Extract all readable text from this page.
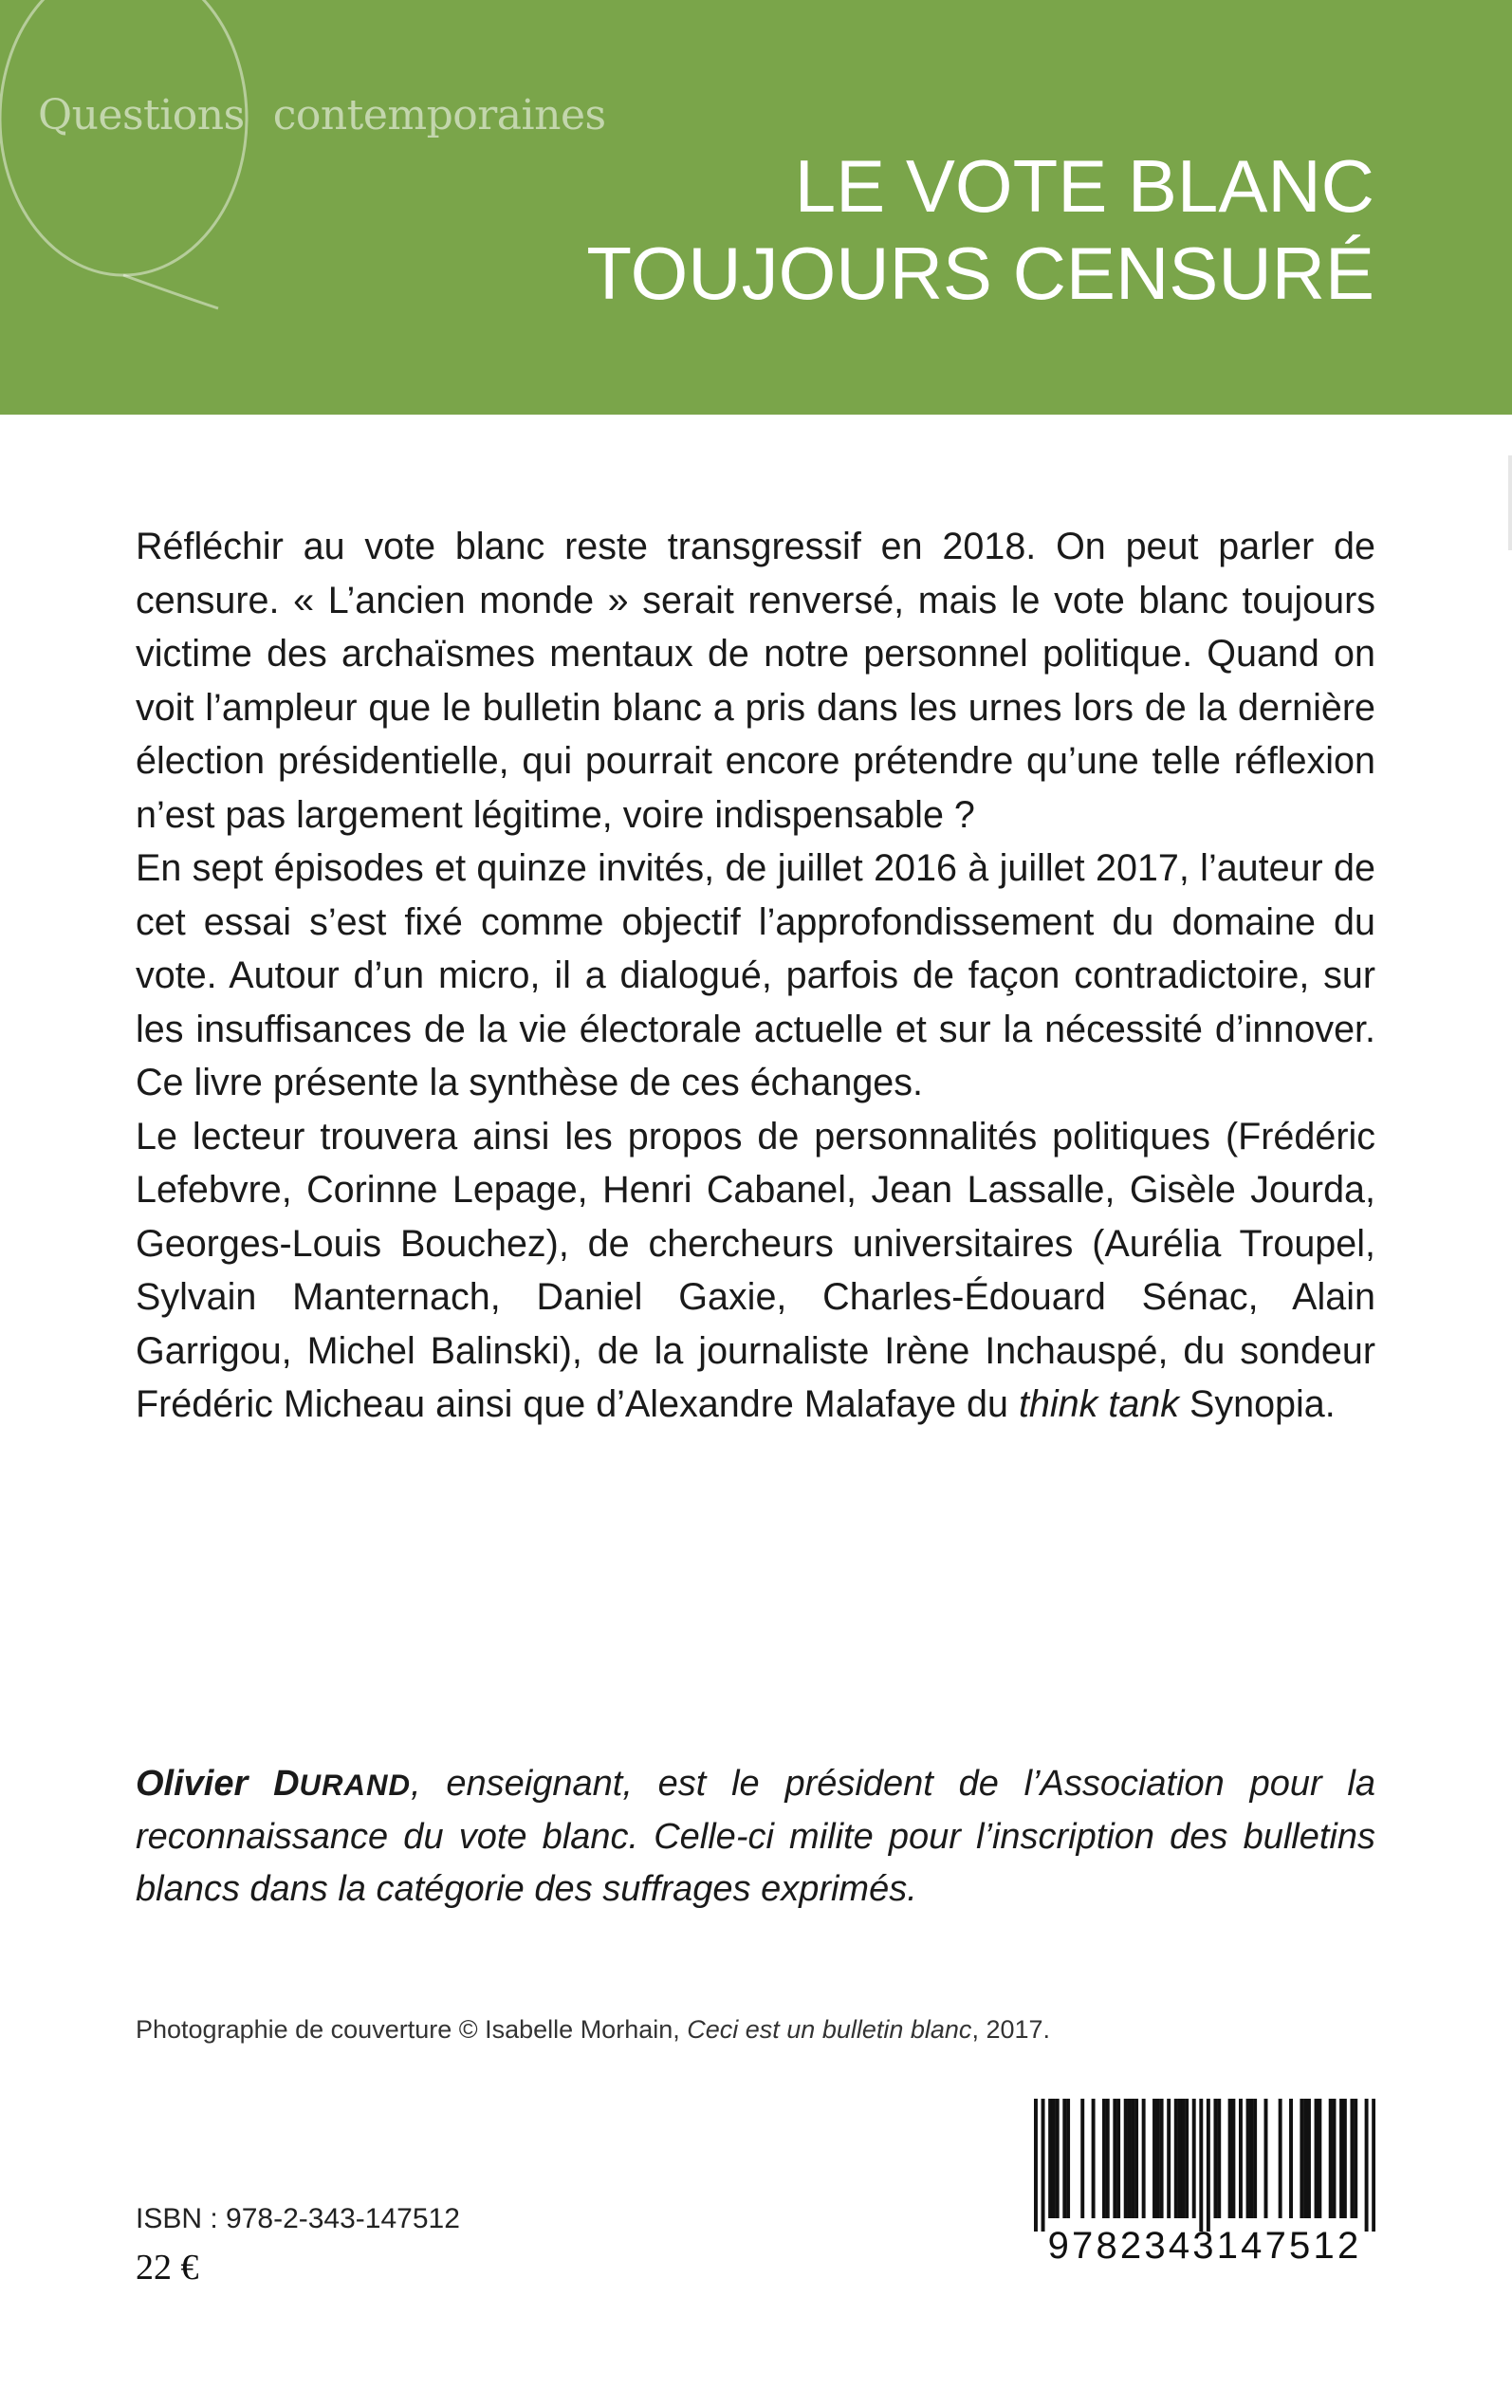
Questions contemporaines
LE VOTE BLANC
TOUJOURS CENSURÉ

Réfléchir au vote blanc reste transgressif en 2018. On peut parler de censure. « L’ancien monde » serait renversé, mais le vote blanc toujours victime des archaïsmes mentaux de notre personnel politique. Quand on voit l’ampleur que le bulletin blanc a pris dans les urnes lors de la dernière élection présidentielle, qui pourrait encore prétendre qu’une telle réflexion n’est pas largement légitime, voire indispensable ?

En sept épisodes et quinze invités, de juillet 2016 à juillet 2017, l’auteur de cet essai s’est fixé comme objectif l’approfondissement du domaine du vote. Autour d’un micro, il a dialogué, parfois de façon contradictoire, sur les insuffisances de la vie électorale actuelle et sur la nécessité d’innover. Ce livre présente la synthèse de ces échanges.

Le lecteur trouvera ainsi les propos de personnalités politiques (Frédéric Lefebvre, Corinne Lepage, Henri Cabanel, Jean Lassalle, Gisèle Jourda, Georges-Louis Bouchez), de chercheurs universitaires (Aurélia Troupel, Sylvain Manternach, Daniel Gaxie, Charles-Édouard Sénac, Alain Garrigou, Michel Balinski), de la journaliste Irène Inchauspé, du sondeur Frédéric Micheau ainsi que d’Alexandre Malafaye du think tank Synopia.

Olivier DURAND, enseignant, est le président de l’Association pour la reconnaissance du vote blanc. Celle-ci milite pour l’inscription des bulletins blancs dans la catégorie des suffrages exprimés.
Photographie de couverture © Isabelle Morhain, Ceci est un bulletin blanc, 2017.
ISBN : 978-2-343-147512
22 €
9782343147512
